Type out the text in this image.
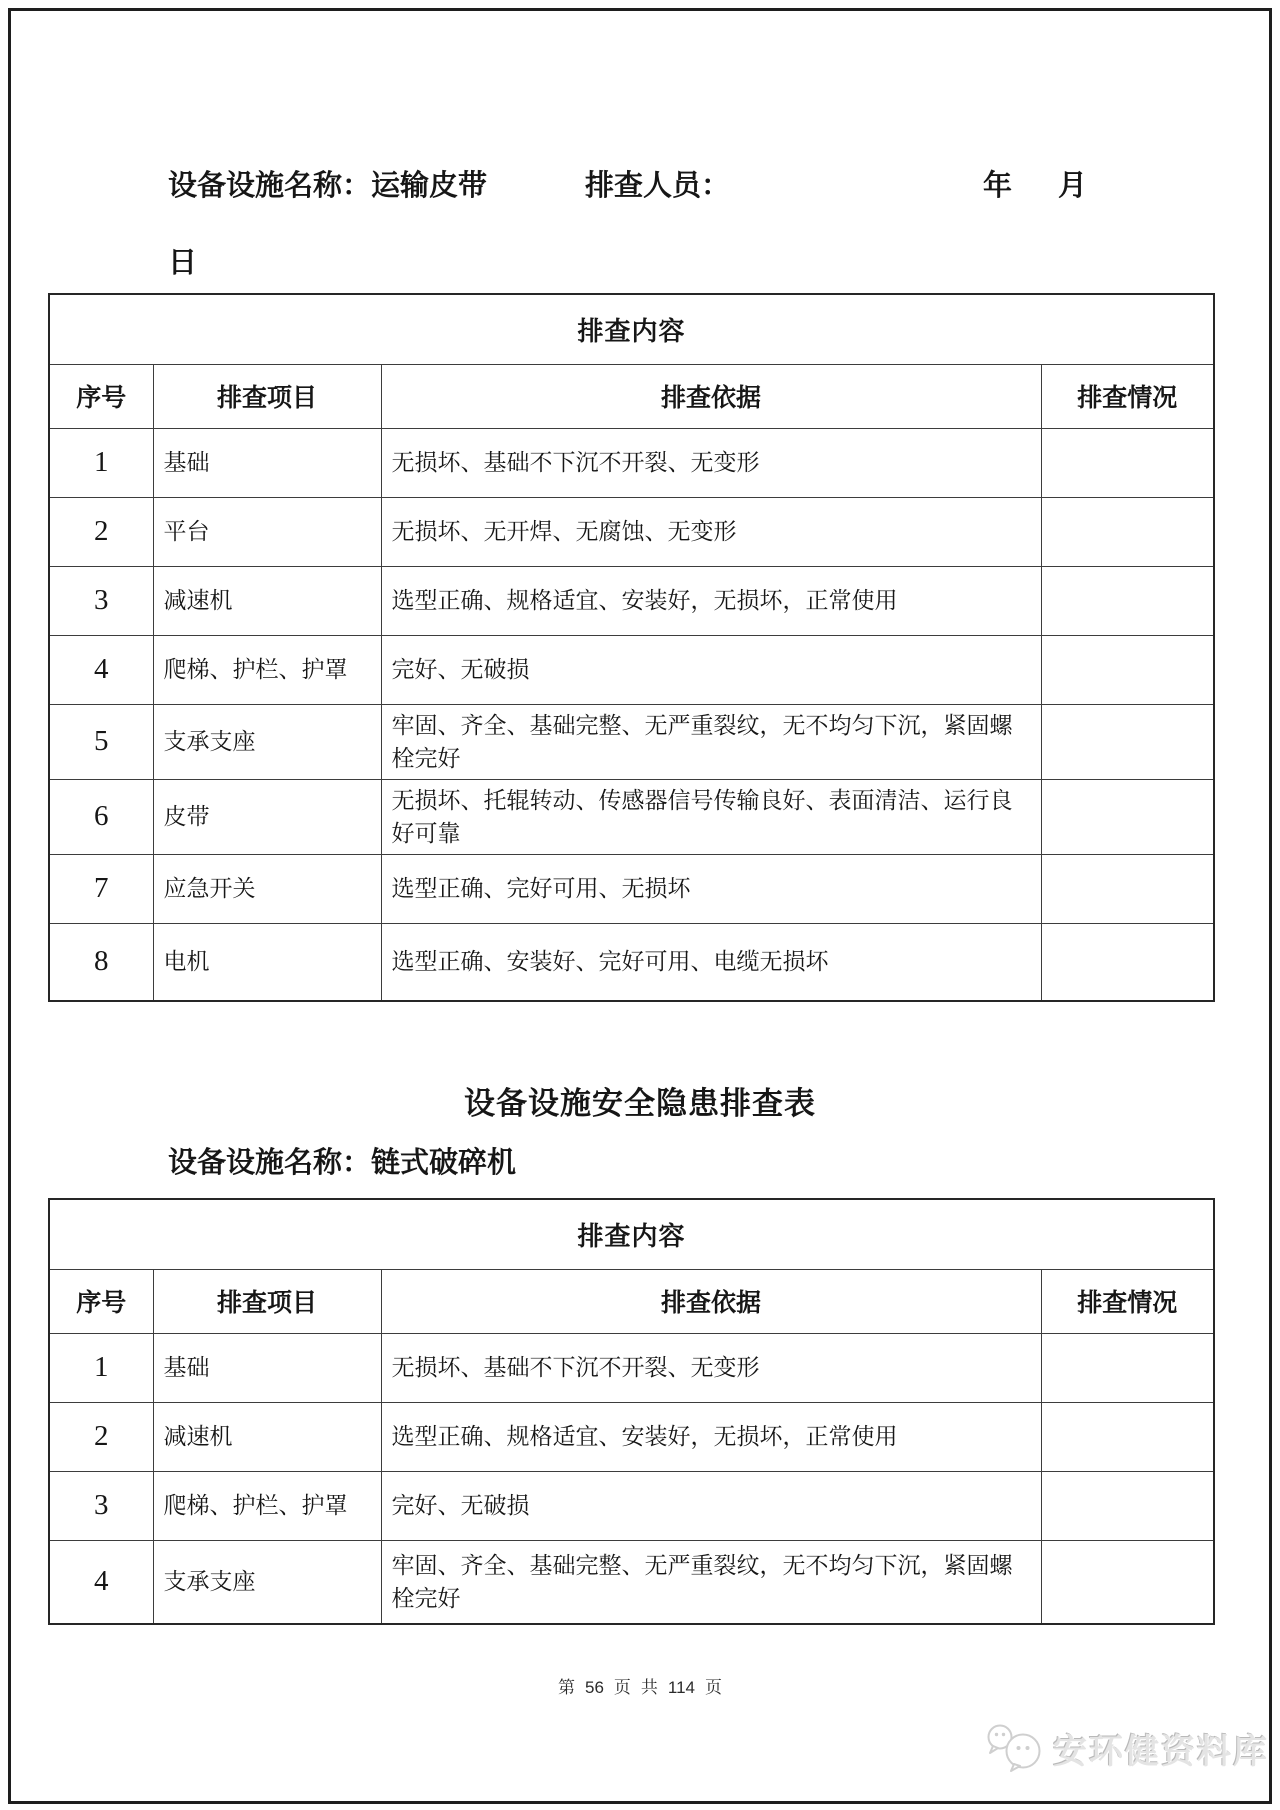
设备设施名称：运输皮带	排查人员：	年 月
日
排查内容			
序号	排查项目	排查依据	排查情况
1	基础	无损坏、基础不下沉不开裂、无变形	
2	平台	无损坏、无开焊、无腐蚀、无变形	
3	减速机	选型正确、规格适宜、安装好，无损坏，正常使用	
4	爬梯、护栏、护罩	完好、无破损	
5	支承支座	牢固、齐全、基础完整、无严重裂纹，无不均匀下沉，紧固螺栓完好	
6	皮带	无损坏、托辊转动、传感器信号传输良好、表面清洁、运行良好可靠	
7	应急开关	选型正确、完好可用、无损坏	
8	电机	选型正确、安装好、完好可用、电缆无损坏	
设备设施安全隐患排查表
设备设施名称：链式破碎机
排查内容			
序号	排查项目	排查依据	排查情况
1	基础	无损坏、基础不下沉不开裂、无变形	
2	减速机	选型正确、规格适宜、安装好，无损坏，正常使用	
3	爬梯、护栏、护罩	完好、无破损	
4	支承支座	牢固、齐全、基础完整、无严重裂纹，无不均匀下沉，紧固螺栓完好	
第 56 页 共 114 页
安环健资料库
